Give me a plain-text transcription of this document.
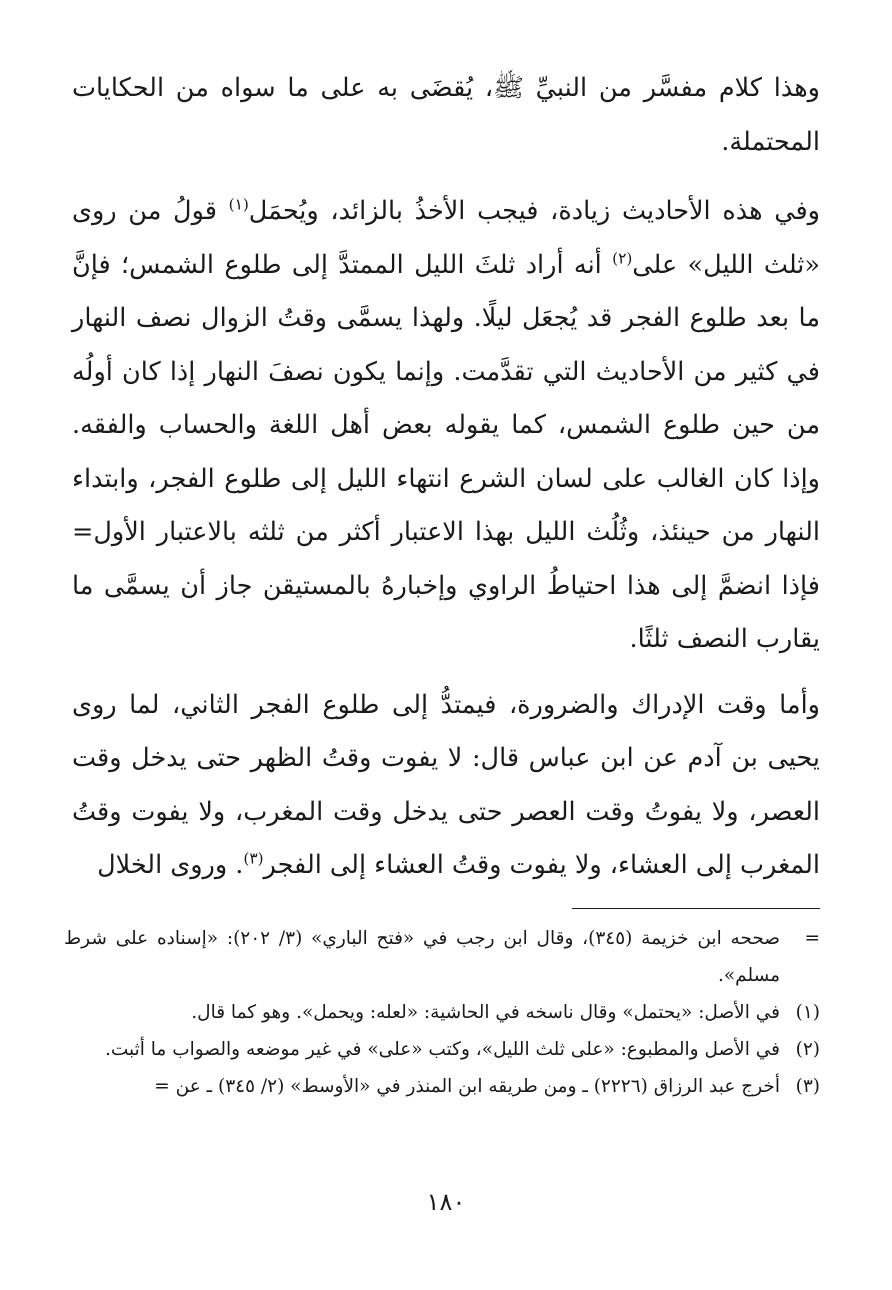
وهذا كلام مفسَّر من النبيِّ ﷺ، يُقضَى به على ما سواه من الحكايات المحتملة.

وفي هذه الأحاديث زيادة، فيجب الأخذُ بالزائد، ويُحمَل$^{(١)}$ قولُ من روى «ثلث الليل» على$^{(٢)}$ أنه أراد ثلثَ الليل الممتدَّ إلى طلوع الشمس؛ فإنَّ ما بعد طلوع الفجر قد يُجعَل ليلًا. ولهذا يسمَّى وقتُ الزوال نصف النهار في كثير من الأحاديث التي تقدَّمت. وإنما يكون نصفَ النهار إذا كان أولُه من حين طلوع الشمس، كما يقوله بعض أهل اللغة والحساب والفقه. وإذا كان الغالب على لسان الشرع انتهاء الليل إلى طلوع الفجر، وابتداء النهار من حينئذ، وثُلُث الليل بهذا الاعتبار أكثر من ثلثه بالاعتبار الأول= فإذا انضمَّ إلى هذا احتياطُ الراوي وإخبارهُ بالمستيقن جاز أن يسمَّى ما يقارب النصف ثلثًا.

وأما وقت الإدراك والضرورة، فيمتدُّ إلى طلوع الفجر الثاني، لما روى يحيى بن آدم عن ابن عباس قال: لا يفوت وقتُ الظهر حتى يدخل وقت العصر، ولا يفوتُ وقت العصر حتى يدخل وقت المغرب، ولا يفوت وقتُ المغرب إلى العشاء، ولا يفوت وقتُ العشاء إلى الفجر$^{(٣)}$. وروى الخلال

=
صححه ابن خزيمة (٣٤٥)، وقال ابن رجب في «فتح الباري» (٣/ ٢٠٢): «إسناده على شرط مسلم».
(١)
في الأصل: «يحتمل» وقال ناسخه في الحاشية: «لعله: ويحمل». وهو كما قال.
(٢)
في الأصل والمطبوع: «على ثلث الليل»، وكتب «على» في غير موضعه والصواب ما أثبت.
(٣)
أخرج عبد الرزاق (٢٢٢٦) ـ ومن طريقه ابن المنذر في «الأوسط» (٢/ ٣٤٥) ـ عن =
١٨٠
